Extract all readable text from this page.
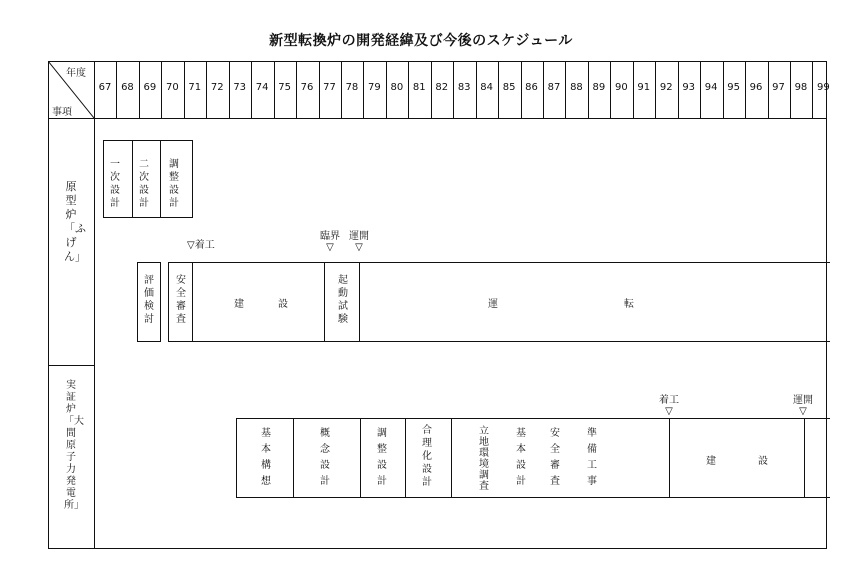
新型転換炉の開発経緯及び今後のスケジュール
年度
事項
67 68 69 70 71 72 73 74 75 76 77 78 79 80 81 82 83 84 85 86 87 88 89 90 91 92 93 94 95 96 97 98 99
原型炉「ふげん」
実証炉「大間原子力発電所」
一次設計
二次設計
調整設計
評価検討
▽着工
臨界
▽
運開
▽
安全審査
建設
起動試験
運	転
着工
▽
運開
▽
基本構想
概念設計
調整設計
合理化設計
立地環境調査
基本設計
安全審査
準備工事
建設
